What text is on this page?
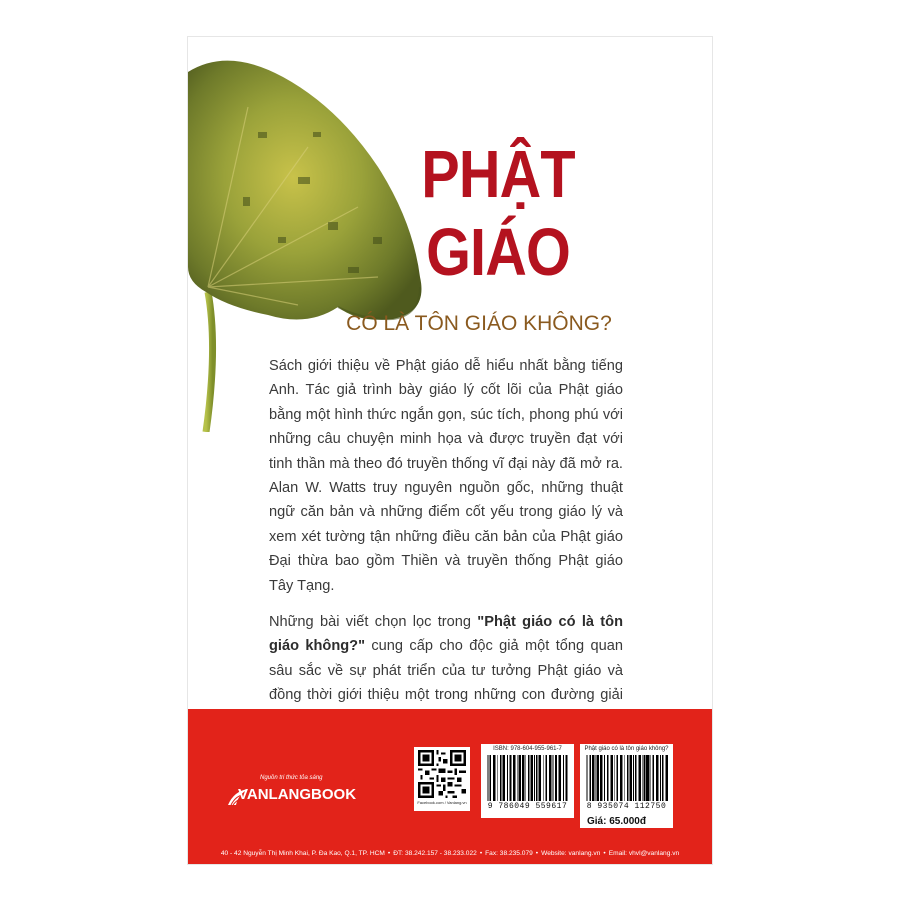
PHẬT
GIÁO
CÓ LÀ TÔN GIÁO KHÔNG?

Sách giới thiệu về Phật giáo dễ hiểu nhất bằng tiếng Anh. Tác giả trình bày giáo lý cốt lõi của Phật giáo bằng một hình thức ngắn gọn, súc tích, phong phú với những câu chuyện minh họa và được truyền đạt với tinh thần mà theo đó truyền thống vĩ đại này đã mở ra. Alan W. Watts truy nguyên nguồn gốc, những thuật ngữ căn bản và những điểm cốt yếu trong giáo lý và xem xét tường tận những điều căn bản của Phật giáo Đại thừa bao gồm Thiền và truyền thống Phật giáo Tây Tạng.

Những bài viết chọn lọc trong "Phật giáo có là tôn giáo không?" cung cấp cho độc giả một tổng quan sâu sắc về sự phát triển của tư tưởng Phật giáo và đồng thời giới thiệu một trong những con đường giải

Nguồn tri thức tỏa sáng
VANLANGBOOK	Facebook.com / Vanlang.vn
ISBN: 978-604-955-961-7
9 786049 559617
Phật giáo có là tôn giáo không?
8 935074 112750
Giá: 65.000đ
40 - 42 Nguyễn Thị Minh Khai, P. Đa Kao, Q.1, TP. HCM • ĐT: 38.242.157 - 38.233.022 • Fax: 38.235.079 • Website: vanlang.vn • Email: vhvl@vanlang.vn
